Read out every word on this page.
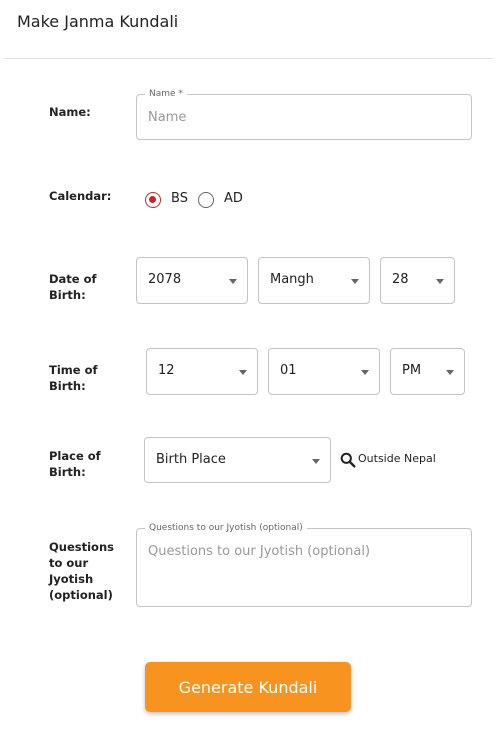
Make Janma Kundali
Name:
Name *
Name
Calendar:	BS	AD
Date of
Birth:
2078	Mangh	28
Time of
Birth:
12	01	PM
Place of
Birth:
Birth Place	Outside Nepal
Questions
to our
Jyotish
(optional)
Questions to our Jyotish (optional)
Questions to our Jyotish (optional)
Generate Kundali
